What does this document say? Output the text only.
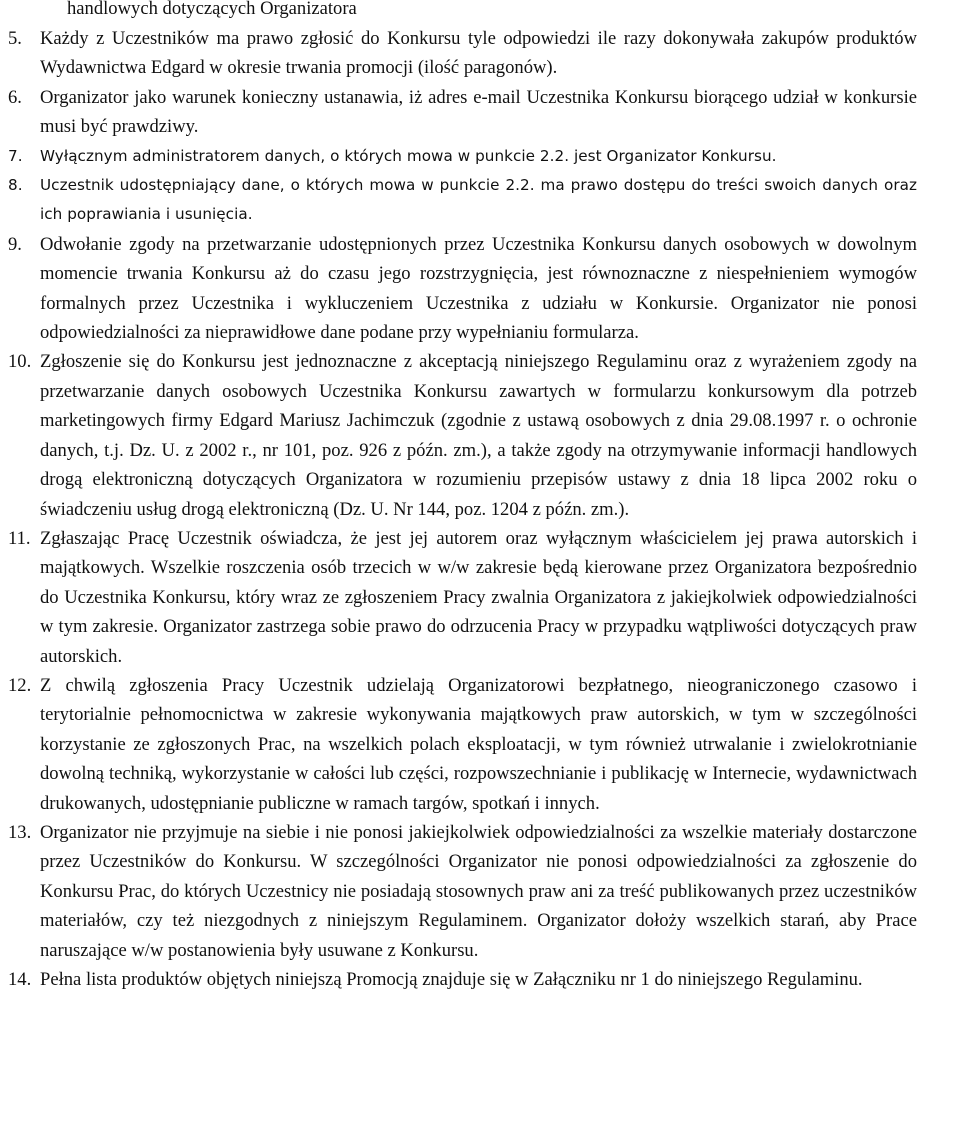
handlowych dotyczących Organizatora

5. Każdy z Uczestników ma prawo zgłosić do Konkursu tyle odpowiedzi ile razy dokonywała zakupów produktów Wydawnictwa Edgard w okresie trwania promocji (ilość paragonów).

6. Organizator jako warunek konieczny ustanawia, iż adres e-mail Uczestnika Konkursu biorącego udział w konkursie musi być prawdziwy.

7. Wyłącznym administratorem danych, o których mowa w punkcie 2.2. jest Organizator Konkursu.

8. Uczestnik udostępniający dane, o których mowa w punkcie 2.2. ma prawo dostępu do treści swoich danych oraz ich poprawiania i usunięcia.

9. Odwołanie zgody na przetwarzanie udostępnionych przez Uczestnika Konkursu danych osobowych w dowolnym momencie trwania Konkursu aż do czasu jego rozstrzygnięcia, jest równoznaczne z niespełnieniem wymogów formalnych przez Uczestnika i wykluczeniem Uczestnika z udziału w Konkursie. Organizator nie ponosi odpowiedzialności za nieprawidłowe dane podane przy wypełnianiu formularza.

10. Zgłoszenie się do Konkursu jest jednoznaczne z akceptacją niniejszego Regulaminu oraz z wyrażeniem zgody na przetwarzanie danych osobowych Uczestnika Konkursu zawartych w formularzu konkursowym dla potrzeb marketingowych firmy Edgard Mariusz Jachimczuk (zgodnie z ustawą osobowych z dnia 29.08.1997 r. o ochronie danych, t.j. Dz. U. z 2002 r., nr 101, poz. 926 z późn. zm.), a także zgody na otrzymywanie informacji handlowych drogą elektroniczną dotyczących Organizatora w rozumieniu przepisów ustawy z dnia 18 lipca 2002 roku o świadczeniu usług drogą elektroniczną (Dz. U. Nr 144, poz. 1204 z późn. zm.).

11. Zgłaszając Pracę Uczestnik oświadcza, że jest jej autorem oraz wyłącznym właścicielem jej prawa autorskich i majątkowych. Wszelkie roszczenia osób trzecich w w/w zakresie będą kierowane przez Organizatora bezpośrednio do Uczestnika Konkursu, który wraz ze zgłoszeniem Pracy zwalnia Organizatora z jakiejkolwiek odpowiedzialności w tym zakresie. Organizator zastrzega sobie prawo do odrzucenia Pracy w przypadku wątpliwości dotyczących praw autorskich.

12. Z chwilą zgłoszenia Pracy Uczestnik udzielają Organizatorowi bezpłatnego, nieograniczonego czasowo i terytorialnie pełnomocnictwa w zakresie wykonywania majątkowych praw autorskich, w tym w szczególności korzystanie ze zgłoszonych Prac, na wszelkich polach eksploatacji, w tym również utrwalanie i zwielokrotnianie dowolną techniką, wykorzystanie w całości lub części, rozpowszechnianie i publikację w Internecie, wydawnictwach drukowanych, udostępnianie publiczne w ramach targów, spotkań i innych.

13. Organizator nie przyjmuje na siebie i nie ponosi jakiejkolwiek odpowiedzialności za wszelkie materiały dostarczone przez Uczestników do Konkursu. W szczególności Organizator nie ponosi odpowiedzialności za zgłoszenie do Konkursu Prac, do których Uczestnicy nie posiadają stosownych praw ani za treść publikowanych przez uczestników materiałów, czy też niezgodnych z niniejszym Regulaminem. Organizator dołoży wszelkich starań, aby Prace naruszające w/w postanowienia były usuwane z Konkursu.

14. Pełna lista produktów objętych niniejszą Promocją znajduje się w Załączniku nr 1 do niniejszego Regulaminu.
